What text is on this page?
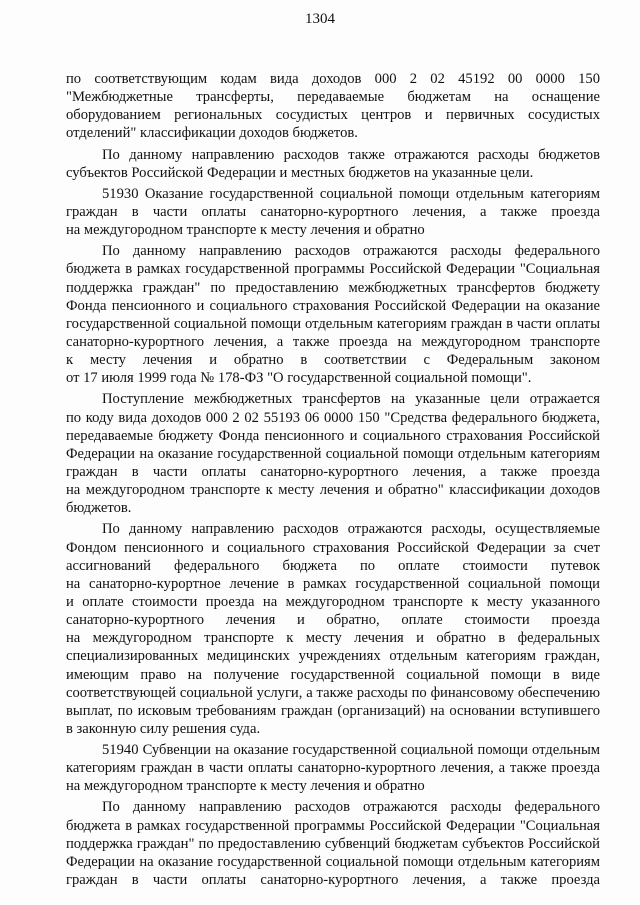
1304
по соответствующим кодам вида доходов 000 2 02 45192 00 0000 150
"Межбюджетные трансферты, передаваемые бюджетам на оснащение
оборудованием региональных сосудистых центров и первичных сосудистых
отделений" классификации доходов бюджетов.
По данному направлению расходов также отражаются расходы бюджетов
субъектов Российской Федерации и местных бюджетов на указанные цели.
51930 Оказание государственной социальной помощи отдельным категориям
граждан в части оплаты санаторно-курортного лечения, а также проезда
на междугородном транспорте к месту лечения и обратно
По данному направлению расходов отражаются расходы федерального
бюджета в рамках государственной программы Российской Федерации "Социальная
поддержка граждан" по предоставлению межбюджетных трансфертов бюджету
Фонда пенсионного и социального страхования Российской Федерации на оказание
государственной социальной помощи отдельным категориям граждан в части оплаты
санаторно-курортного лечения, а также проезда на междугородном транспорте
к месту лечения и обратно в соответствии с Федеральным законом
от 17 июля 1999 года № 178-ФЗ "О государственной социальной помощи".
Поступление межбюджетных трансфертов на указанные цели отражается
по коду вида доходов 000 2 02 55193 06 0000 150 "Средства федерального бюджета,
передаваемые бюджету Фонда пенсионного и социального страхования Российской
Федерации на оказание государственной социальной помощи отдельным категориям
граждан в части оплаты санаторно-курортного лечения, а также проезда
на междугородном транспорте к месту лечения и обратно" классификации доходов
бюджетов.
По данному направлению расходов отражаются расходы, осуществляемые
Фондом пенсионного и социального страхования Российской Федерации за счет
ассигнований федерального бюджета по оплате стоимости путевок
на санаторно-курортное лечение в рамках государственной социальной помощи
и оплате стоимости проезда на междугородном транспорте к месту указанного
санаторно-курортного лечения и обратно, оплате стоимости проезда
на междугородном транспорте к месту лечения и обратно в федеральных
специализированных медицинских учреждениях отдельным категориям граждан,
имеющим право на получение государственной социальной помощи в виде
соответствующей социальной услуги, а также расходы по финансовому обеспечению
выплат, по исковым требованиям граждан (организаций) на основании вступившего
в законную силу решения суда.
51940 Субвенции на оказание государственной социальной помощи отдельным
категориям граждан в части оплаты санаторно-курортного лечения, а также проезда
на междугородном транспорте к месту лечения и обратно
По данному направлению расходов отражаются расходы федерального
бюджета в рамках государственной программы Российской Федерации "Социальная
поддержка граждан" по предоставлению субвенций бюджетам субъектов Российской
Федерации на оказание государственной социальной помощи отдельным категориям
граждан в части оплаты санаторно-курортного лечения, а также проезда
